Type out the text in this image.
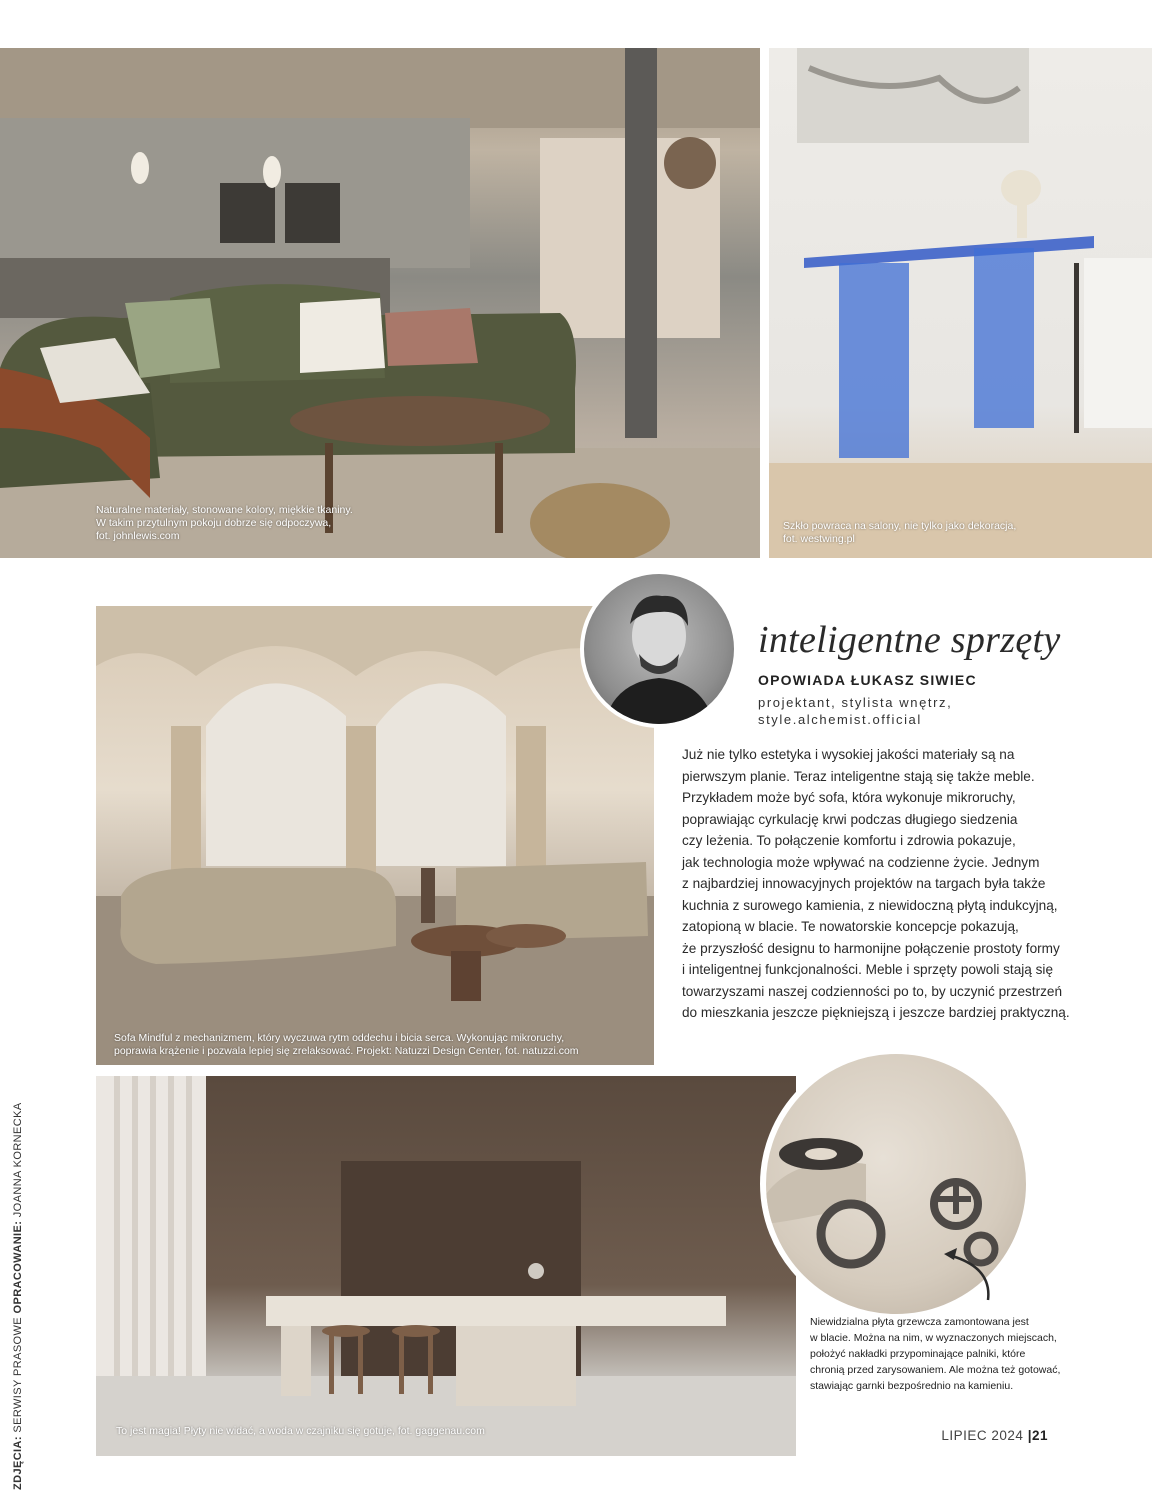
Naturalne materiały, stonowane kolory, miękkie tkaniny.
W takim przytulnym pokoju dobrze się odpoczywa,
fot. johnlewis.com
Szkło powraca na salony, nie tylko jako dekoracja,
fot. westwing.pl
Sofa Mindful z mechanizmem, który wyczuwa rytm oddechu i bicia serca. Wykonując mikroruchy,
poprawia krążenie i pozwala lepiej się zrelaksować. Projekt: Natuzzi Design Center, fot. natuzzi.com
inteligentne sprzęty
OPOWIADA ŁUKASZ SIWIEC
projektant, stylista wnętrz,
style.alchemist.official
Już nie tylko estetyka i wysokiej jakości materiały są na
pierwszym planie. Teraz inteligentne stają się także meble.
Przykładem może być sofa, która wykonuje mikroruchy,
poprawiając cyrkulację krwi podczas długiego siedzenia
czy leżenia. To połączenie komfortu i zdrowia pokazuje,
jak technologia może wpływać na codzienne życie. Jednym
z najbardziej innowacyjnych projektów na targach była także
kuchnia z surowego kamienia, z niewidoczną płytą indukcyjną,
zatopioną w blacie. Te nowatorskie koncepcje pokazują,
że przyszłość designu to harmonijne połączenie prostoty formy
i inteligentnej funkcjonalności. Meble i sprzęty powoli stają się
towarzyszami naszej codzienności po to, by uczynić przestrzeń
do mieszkania jeszcze piękniejszą i jeszcze bardziej praktyczną.
To jest magia! Płyty nie widać, a woda w czajniku się gotuje, fot. gaggenau.com
Niewidzialna płyta grzewcza zamontowana jest
w blacie. Można na nim, w wyznaczonych miejscach,
położyć nakładki przypominające palniki, które
chronią przed zarysowaniem. Ale można też gotować,
stawiając garnki bezpośrednio na kamieniu.
ZDJĘCIA: SERWISY PRASOWE OPRACOWANIE: JOANNA KORNECKA
LIPIEC 2024 |21
